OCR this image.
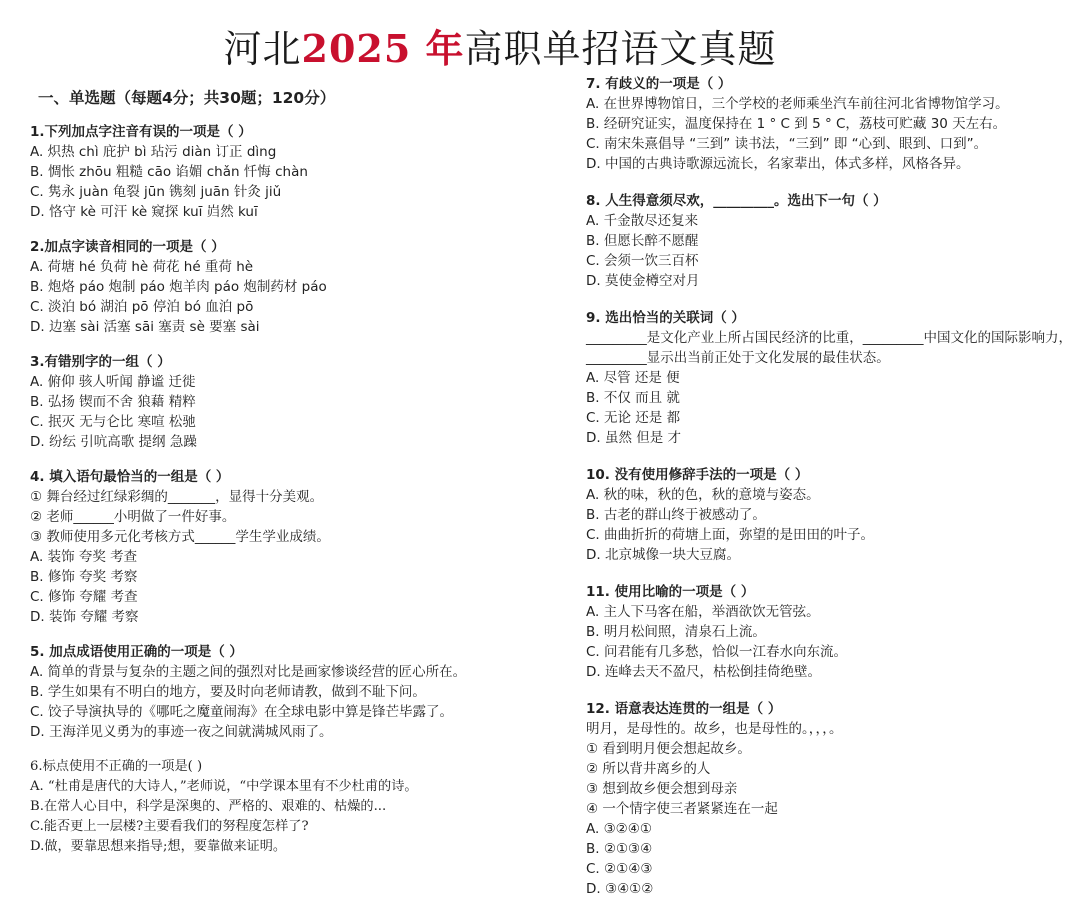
河北2025 年高职单招语文真题
一、单选题（每题4分；共30题；120分）
1.下列加点字注音有误的一项是（ ）
A. 炽热 chì 庇护 bì 玷污 diàn 订正 dìng
B. 惆怅 zhōu 粗糙 cāo 谄媚 chǎn 忏悔 chàn
C. 隽永 juàn 龟裂 jūn 镌刻 juān 针灸 jiǔ
D. 恪守 kè 可汗 kè 窥探 kuī 岿然 kuī
2.加点字读音相同的一项是（ ）
A. 荷塘 hé 负荷 hè 荷花 hé 重荷 hè
B. 炮烙 páo 炮制 páo 炮羊肉 páo 炮制药材 páo
C. 淡泊 bó 湖泊 pō 停泊 bó 血泊 pō
D. 边塞 sài 活塞 sāi 塞责 sè 要塞 sài
3.有错别字的一组（ ）
A. 俯仰 骇人听闻 静谧 迁徙
B. 弘扬 锲而不舍 狼藉 精粹
C. 抿灭 无与仑比 寒喧 松驰
D. 纷纭 引吭高歌 提纲 急躁
4. 填入语句最恰当的一组是（ ）
① 舞台经过红绿彩绸的_______，显得十分美观。
② 老师______小明做了一件好事。
③ 教师使用多元化考核方式______学生学业成绩。
A. 装饰 夸奖 考查
B. 修饰 夸奖 考察
C. 修饰 夸耀 考查
D. 装饰 夸耀 考察
5. 加点成语使用正确的一项是（ ）
A. 简单的背景与复杂的主题之间的强烈对比是画家惨谈经营的匠心所在。
B. 学生如果有不明白的地方，要及时向老师请教，做到不耻下问。
C. 饺子导演执导的《哪吒之魔童闹海》在全球电影中算是锋芒毕露了。
D. 王海洋见义勇为的事迹一夜之间就满城风雨了。
6.标点使用不正确的一项是( )
A. “杜甫是唐代的大诗人，”老师说，“中学课本里有不少杜甫的诗。
B.在常人心目中，科学是深奥的、严格的、艰难的、枯燥的...
C.能否更上一层楼?主要看我们的努程度怎样了?
D.做，要靠思想来指导;想，要靠做来证明。
7. 有歧义的一项是（ ）
A. 在世界博物馆日，三个学校的老师乘坐汽车前往河北省博物馆学习。
B. 经研究证实，温度保持在 1 ° C 到 5 ° C，荔枝可贮藏 30 天左右。
C. 南宋朱熹倡导 “三到” 读书法，“三到” 即 “心到、眼到、口到”。
D. 中国的古典诗歌源远流长，名家辈出，体式多样，风格各异。
8. 人生得意须尽欢，_________。选出下一句（ ）
A. 千金散尽还复来
B. 但愿长醉不愿醒
C. 会须一饮三百杯
D. 莫使金樽空对月
9. 选出恰当的关联词（ ）
_________是文化产业上所占国民经济的比重，_________中国文化的国际影响力，_________显示出当前正处于文化发展的最佳状态。
A. 尽管 还是 便
B. 不仅 而且 就
C. 无论 还是 都
D. 虽然 但是 才
10. 没有使用修辞手法的一项是（ ）
A. 秋的味，秋的色，秋的意境与姿态。
B. 古老的群山终于被感动了。
C. 曲曲折折的荷塘上面，弥望的是田田的叶子。
D. 北京城像一块大豆腐。
11. 使用比喻的一项是（ ）
A. 主人下马客在船，举酒欲饮无管弦。
B. 明月松间照，清泉石上流。
C. 问君能有几多愁，恰似一江春水向东流。
D. 连峰去天不盈尺，枯松倒挂倚绝壁。
12. 语意表达连贯的一组是（ ）
明月，是母性的。故乡，也是母性的。，，，。
① 看到明月便会想起故乡。
② 所以背井离乡的人
③ 想到故乡便会想到母亲
④ 一个情字使三者紧紧连在一起
A. ③②④①
B. ②①③④
C. ②①④③
D. ③④①②
